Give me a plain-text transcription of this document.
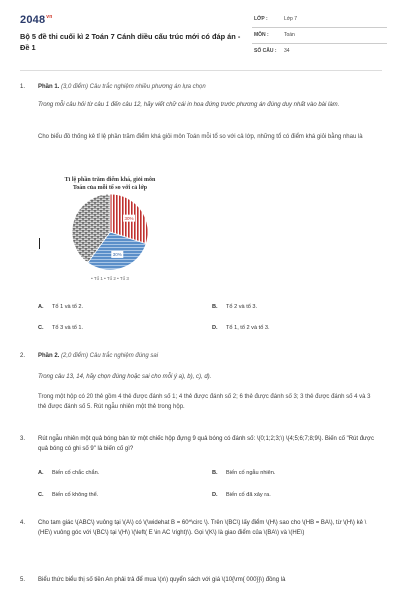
$2048^{vn}$
Bộ 5 đề thi cuối kì 2 Toán 7 Cánh diều cấu trúc mới có đáp án - Đề 1
LỚP :	Lớp 7
MÔN :	Toán
SỐ CÂU : 34
1.	Phần 1. (3,0 điểm) Câu trắc nghiệm nhiều phương án lựa chọn
Trong mỗi câu hỏi từ câu 1 đến câu 12, hãy viết chữ cái in hoa đứng trước phương án đúng duy nhất vào bài làm.
Cho biểu đồ thống kê tỉ lệ phần trăm điểm khá giỏi môn Toán mỗi tổ so với cả lớp, những tổ có điểm khá giỏi bằng nhau là
Tỉ lệ phần trăm điểm khá, giỏi môn
Toán của mỗi tổ so với cả lớp
30%
30%
• Tổ 1 • Tổ 2 • Tổ 3
A. Tổ 1 và tổ 2.	B. Tổ 2 và tổ 3.
C. Tổ 3 và tổ 1.	D. Tổ 1, tổ 2 và tổ 3.
2.	Phần 2. (2,0 điểm) Câu trắc nghiệm đúng sai
Trong câu 13, 14, hãy chọn đúng hoặc sai cho mỗi ý a), b), c), d).
Trong một hộp có 20 thẻ gồm 4 thẻ được đánh số 1; 4 thẻ được đánh số 2; 6 thẻ được đánh số 3; 3 thẻ được đánh số 4 và 3 thẻ được đánh số 5. Rút ngẫu nhiên một thẻ trong hộp.
3.	Rút ngẫu nhiên một quả bóng bàn từ một chiếc hộp đựng 9 quả bóng có đánh số: \(0;1;2;3;\) \(4;5;6;7;8;9\). Biến cố "Rút được quả bóng có ghi số 9" là biến cố gì?
A. Biến cố chắc chắn.	B. Biến cố ngẫu nhiên.
C. Biến cố không thể.	D. Biến cố đã xảy ra.
4.	Cho tam giác \(ABC\) vuông tại \(A\) có \(\widehat B = 60^\circ \). Trên \(BC\) lấy điểm \(H\) sao cho \(HB = BA\), từ \(H\) kẻ \(HE\) vuông góc với \(BC\) tại \(H\) \(\left( E \in AC \right)\). Gọi \(K\) là giao điểm của \(BA\) và \(HE\)
5.	Biểu thức biểu thị số tiền An phải trả để mua \(x\) quyển sách với giá \(10{\rm{ 000}}\) đồng là
